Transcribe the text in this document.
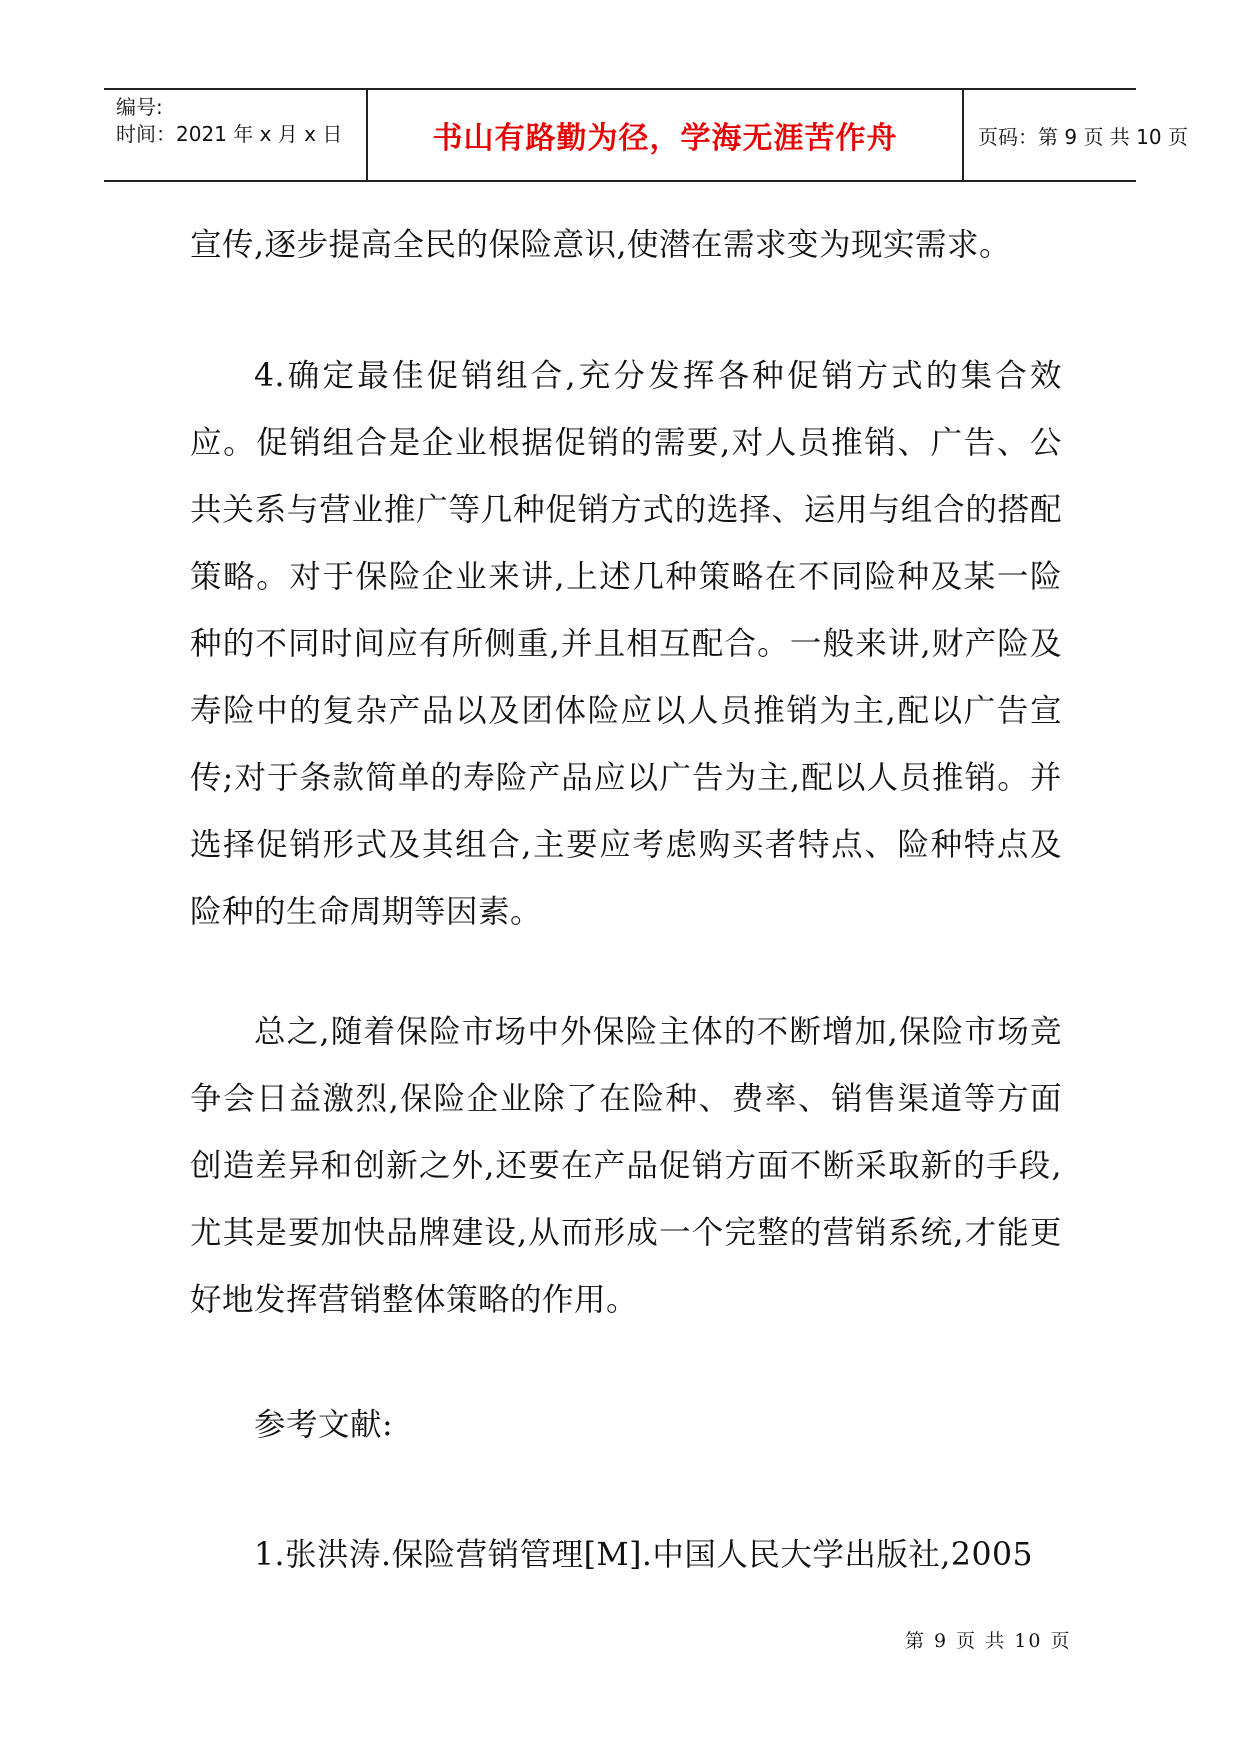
编号:
时间：2021 年 x 月 x 日	书山有路勤为径，学海无涯苦作舟	页码：第 9 页 共 10 页

宣传,逐步提高全民的保险意识,使潜在需求变为现实需求。

4.确定最佳促销组合,充分发挥各种促销方式的集合效应。促销组合是企业根据促销的需要,对人员推销、广告、公共关系与营业推广等几种促销方式的选择、运用与组合的搭配策略。对于保险企业来讲,上述几种策略在不同险种及某一险种的不同时间应有所侧重,并且相互配合。一般来讲,财产险及寿险中的复杂产品以及团体险应以人员推销为主,配以广告宣传;对于条款简单的寿险产品应以广告为主,配以人员推销。并选择促销形式及其组合,主要应考虑购买者特点、险种特点及险种的生命周期等因素。

总之,随着保险市场中外保险主体的不断增加,保险市场竞争会日益激烈,保险企业除了在险种、费率、销售渠道等方面创造差异和创新之外,还要在产品促销方面不断采取新的手段,尤其是要加快品牌建设,从而形成一个完整的营销系统,才能更好地发挥营销整体策略的作用。

参考文献:

1.张洪涛.保险营销管理[M].中国人民大学出版社,2005

第 9 页 共 10 页
